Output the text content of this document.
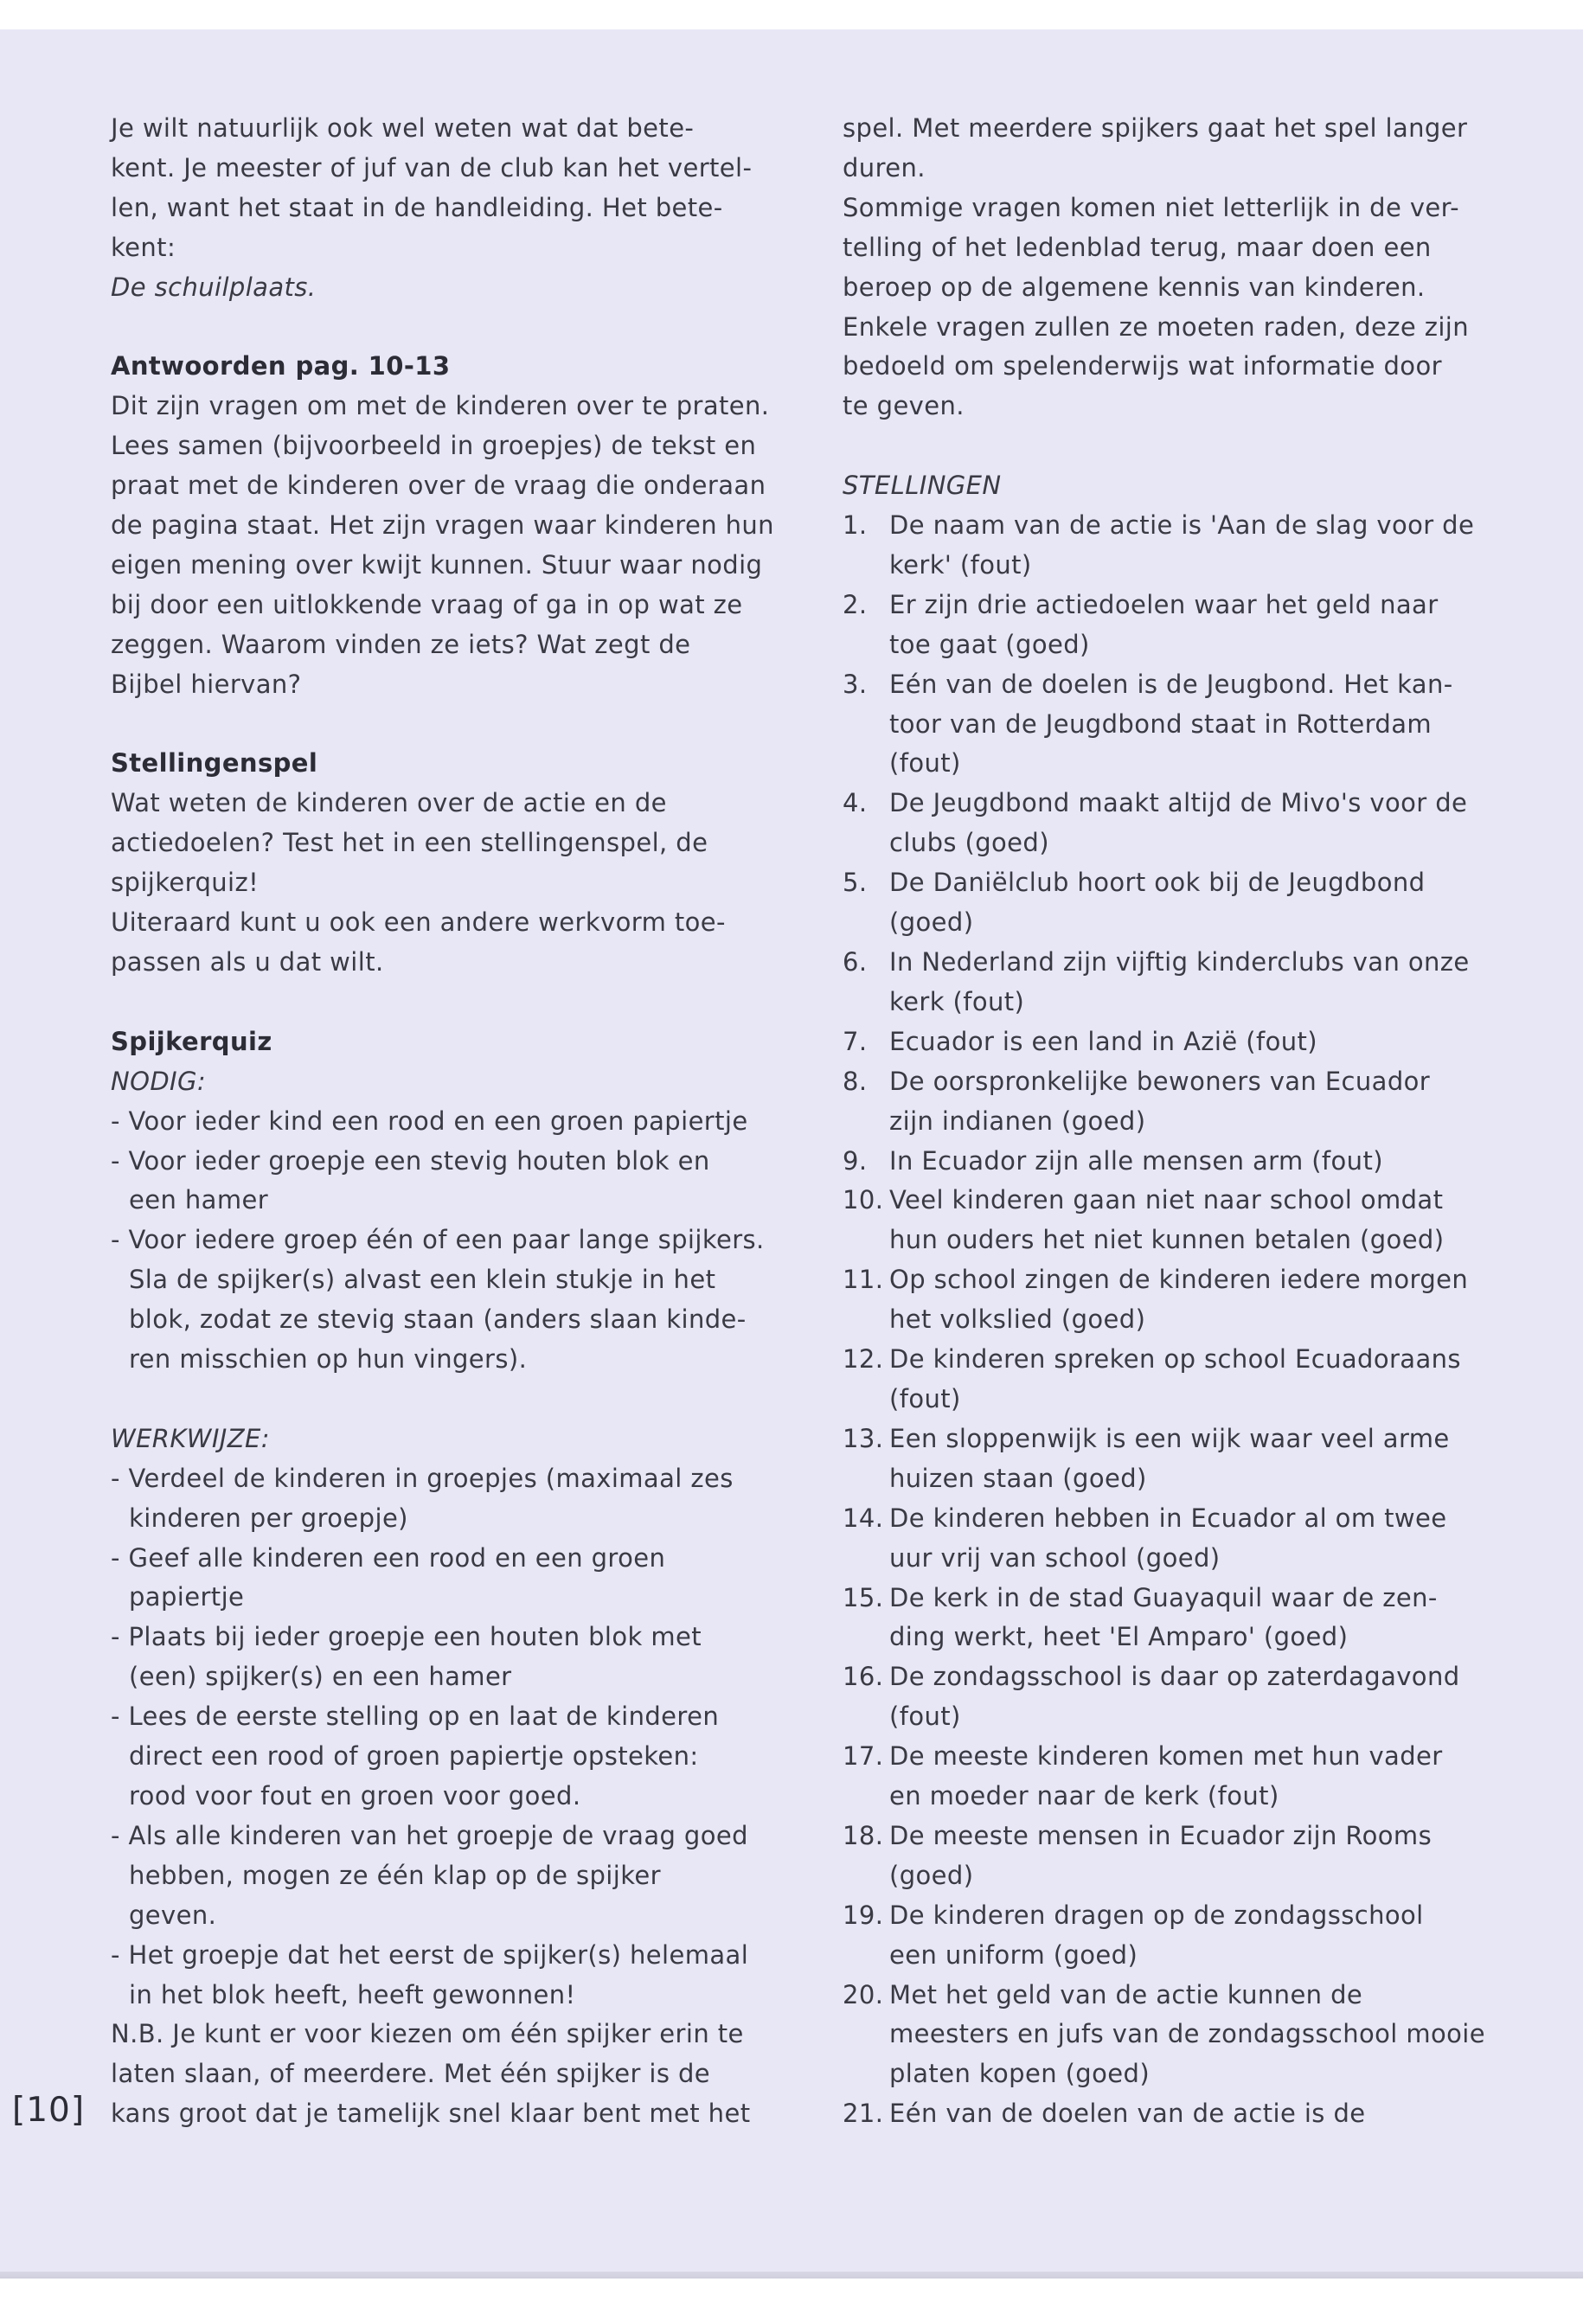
Je wilt natuurlijk ook wel weten wat dat bete-
kent. Je meester of juf van de club kan het vertel-
len, want het staat in de handleiding. Het bete-
kent:
De schuilplaats.
Antwoorden pag. 10-13
Dit zijn vragen om met de kinderen over te praten.
Lees samen (bijvoorbeeld in groepjes) de tekst en
praat met de kinderen over de vraag die onderaan
de pagina staat. Het zijn vragen waar kinderen hun
eigen mening over kwijt kunnen. Stuur waar nodig
bij door een uitlokkende vraag of ga in op wat ze
zeggen. Waarom vinden ze iets? Wat zegt de
Bijbel hiervan?
Stellingenspel
Wat weten de kinderen over de actie en de
actiedoelen? Test het in een stellingenspel, de
spijkerquiz!
Uiteraard kunt u ook een andere werkvorm toe-
passen als u dat wilt.
Spijkerquiz
NODIG:
- Voor ieder kind een rood en een groen papiertje
- Voor ieder groepje een stevig houten blok en
een hamer
- Voor iedere groep één of een paar lange spijkers.
Sla de spijker(s) alvast een klein stukje in het
blok, zodat ze stevig staan (anders slaan kinde-
ren misschien op hun vingers).
WERKWIJZE:
- Verdeel de kinderen in groepjes (maximaal zes
kinderen per groepje)
- Geef alle kinderen een rood en een groen
papiertje
- Plaats bij ieder groepje een houten blok met
(een) spijker(s) en een hamer
- Lees de eerste stelling op en laat de kinderen
direct een rood of groen papiertje opsteken:
rood voor fout en groen voor goed.
- Als alle kinderen van het groepje de vraag goed
hebben, mogen ze één klap op de spijker
geven.
- Het groepje dat het eerst de spijker(s) helemaal
in het blok heeft, heeft gewonnen!
N.B. Je kunt er voor kiezen om één spijker erin te
laten slaan, of meerdere. Met één spijker is de
kans groot dat je tamelijk snel klaar bent met het
spel. Met meerdere spijkers gaat het spel langer
duren.
Sommige vragen komen niet letterlijk in de ver-
telling of het ledenblad terug, maar doen een
beroep op de algemene kennis van kinderen.
Enkele vragen zullen ze moeten raden, deze zijn
bedoeld om spelenderwijs wat informatie door
te geven.
STELLINGEN
1. De naam van de actie is 'Aan de slag voor de
kerk' (fout)
2. Er zijn drie actiedoelen waar het geld naar
toe gaat (goed)
3. Eén van de doelen is de Jeugbond. Het kan-
toor van de Jeugdbond staat in Rotterdam
(fout)
4. De Jeugdbond maakt altijd de Mivo's voor de
clubs (goed)
5. De Daniëlclub hoort ook bij de Jeugdbond
(goed)
6. In Nederland zijn vijftig kinderclubs van onze
kerk (fout)
7. Ecuador is een land in Azië (fout)
8. De oorspronkelijke bewoners van Ecuador
zijn indianen (goed)
9. In Ecuador zijn alle mensen arm (fout)
10. Veel kinderen gaan niet naar school omdat
hun ouders het niet kunnen betalen (goed)
11. Op school zingen de kinderen iedere morgen
het volkslied (goed)
12. De kinderen spreken op school Ecuadoraans
(fout)
13. Een sloppenwijk is een wijk waar veel arme
huizen staan (goed)
14. De kinderen hebben in Ecuador al om twee
uur vrij van school (goed)
15. De kerk in de stad Guayaquil waar de zen-
ding werkt, heet 'El Amparo' (goed)
16. De zondagsschool is daar op zaterdagavond
(fout)
17. De meeste kinderen komen met hun vader
en moeder naar de kerk (fout)
18. De meeste mensen in Ecuador zijn Rooms
(goed)
19. De kinderen dragen op de zondagsschool
een uniform (goed)
20. Met het geld van de actie kunnen de
meesters en jufs van de zondagsschool mooie
platen kopen (goed)
21. Eén van de doelen van de actie is de
[10]
